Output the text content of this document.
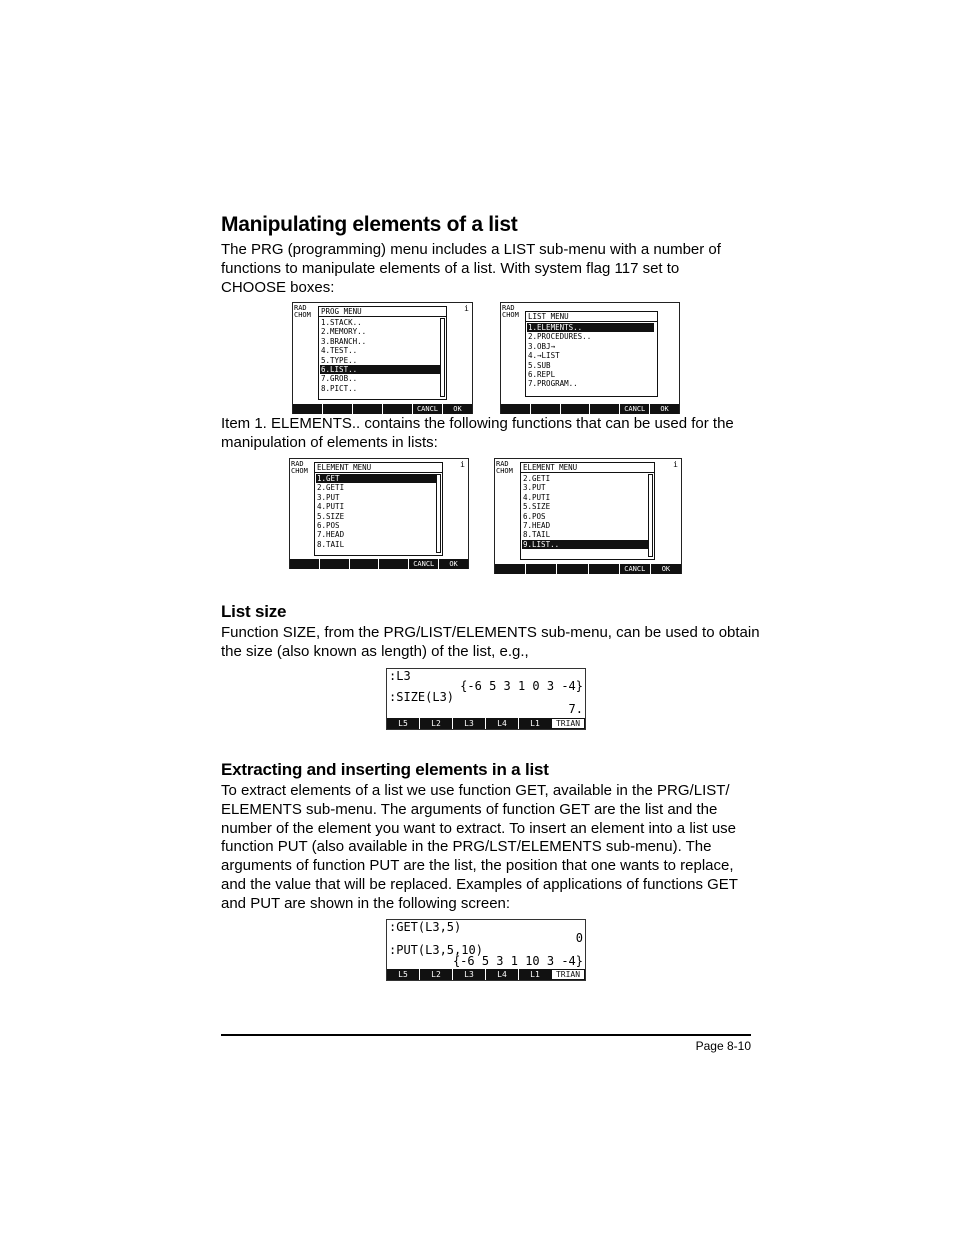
Manipulating elements of a list
The PRG (programming) menu includes a LIST sub-menu with a number of
functions to manipulate elements of a list. With system flag 117 set to
CHOOSE boxes:
RAD
CHOM
i
PROG MENU
1.STACK..
2.MEMORY..
3.BRANCH..
4.TEST..
5.TYPE..
6.LIST..
7.GROB..
8.PICT..
CANCL	OK
RAD
CHOM LIST MENU
1.ELEMENTS..
2.PROCEDURES..
3.OBJ→
4.→LIST
5.SUB
6.REPL
7.PROGRAM..
CANCL	OK
Item 1. ELEMENTS.. contains the following functions that can be used for the
manipulation of elements in lists:
RAD
CHOM
i
ELEMENT MENU
1.GET
2.GETI
3.PUT
4.PUTI
5.SIZE
6.POS
7.HEAD
8.TAIL
CANCL	OK
RAD
CHOM
i
ELEMENT MENU
2.GETI
3.PUT
4.PUTI
5.SIZE
6.POS
7.HEAD
8.TAIL
9.LIST..
CANCL	OK
List size
Function SIZE, from the PRG/LIST/ELEMENTS sub-menu, can be used to obtain
the size (also known as length) of the list, e.g.,
:L3
{-6 5 3 1 0 3 -4}
:SIZE(L3)
7.
L5	L2	L3	L4	L1	TRIAN
Extracting and inserting elements in a list
To extract elements of a list we use function GET, available in the PRG/LIST/
ELEMENTS sub-menu. The arguments of function GET are the list and the
number of the element you want to extract. To insert an element into a list use
function PUT (also available in the PRG/LST/ELEMENTS sub-menu). The
arguments of function PUT are the list, the position that one wants to replace,
and the value that will be replaced. Examples of applications of functions GET
and PUT are shown in the following screen:
:GET(L3,5)
0
:PUT(L3,5,10)
{-6 5 3 1 10 3 -4}
L5	L2	L3	L4	L1	TRIAN
Page 8-10
